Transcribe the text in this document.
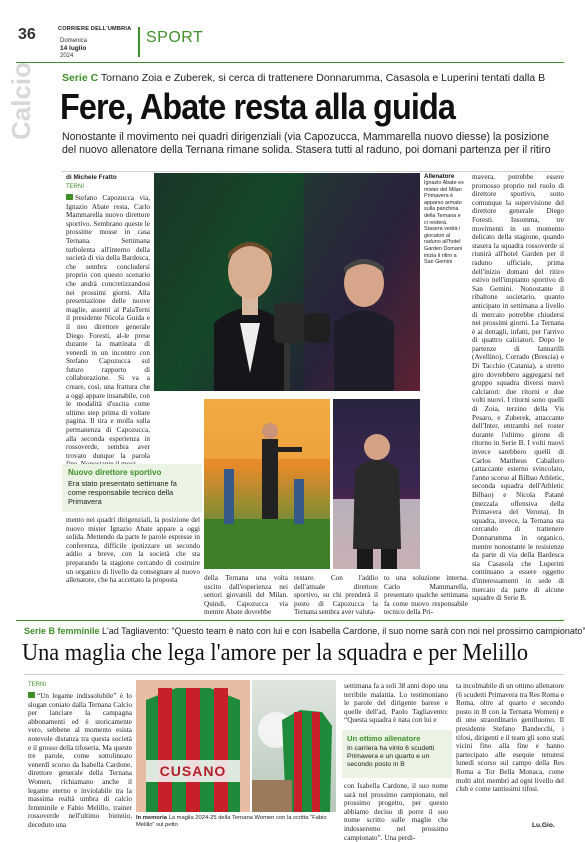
36	CORRIERE DELL'UMBRIA
Domenica
14 luglio
2024
SPORT
Calcio Serie C Tornano Zoia e Zuberek, si cerca di trattenere Donnarumma, Casasola e Luperini tentati dalla B
Fere, Abate resta alla guida
Nonostante il movimento nei quadri dirigenziali (via Capozucca, Mammarella nuovo diesse) la posizione del nuovo allenatore della Ternana rimane solida. Stasera tutti al raduno, poi domani partenza per il ritiro
di Michele Fratto
TERNI
Stefano Capozucca via, Ignazio Abate resta, Carlo Mammarella nuovo direttore sportivo. Sembrano queste le prossime mosse in casa Ternana. Settimana turbolenta all'interno della società di via della Bardesca, che sembra concludersi proprio con questo scenario che andrà concretizzandosi nei prossimi giorni. Alla presentazione delle nuove maglie, assenti al PalaTerni il presidente Nicola Guida e il neo direttore generale Diego Foresti, al-le prese durante la mattinata di venerdì in un incontro con Stefano Capozucca sul futuro rapporto di collaborazione. Si va a creare, così, una frattura che a oggi appare insanabile, con le modalità d'uscita come ultimo step prima di voltare pagina. Il tira e molla sulla permanenza di Capozucca, alla seconda esperienza in rossoverde, sembra aver trovato dunque la parola
Nuovo direttore sportivo
Era stato presentato settimane fa come responsabile tecnico della Primavera
mento nei quadri dirigenziali, la posizione del nuovo mister Ignazio Abate appare a oggi solida. Mettendo da parte le parole espresse in conferenza, difficile ipotizzare un secondo addio a breve, con la società che sta preparando la stagione cercando di costruire un organico di livello da consegnare al nuovo allenatore, che ha accettato la proposta
Allenatore
Ignazio Abate ex mister del Milan Primavera è apparso armato sulla panchina della Ternana e ci resterà. Stasera vedrà i giocatori al raduno all'hotel Garden Domani inizia il ritiro a San Gemini
mavera, potrebbe essere promosso proprio nel ruolo di direttore sportivo, sotto comunque la supervisione del direttore generale Diego Foresti. Insomma, tre movimenti in un momento delicato della stagione, quando stasera la squadra rossoverde si riunirà all'hotel Garden per il raduno ufficiale, prima dell'inizio domani del ritiro estivo nell'impianto sportivo di San Gemini. Nonostante il ribaltone societario, quanto anticipato in settimana a livello di mercato potrebbe chiudersi nei prossimi giorni. La Ternana è ai dettagli, infatti, per l'arrivo di quattro calciatori. Dopo le partenze di Iannarilli (Avellino), Corrado (Brescia) e Di Tacchio (Catania), a stretto giro dovrebbero aggregarsi nel gruppo squadra diversi nuovi calciatori: due ritorni e due volti nuovi. I ritorni sono quelli di Zoia, terzino della Vis Pesaro, e Zuberek, attaccante dell'Inter, entrambi nel roster durante l'ultimo girone di ritorno in Serie B. I volti nuovi invece sarebbero quelli di Carlos Mattheus Caballero (attaccante esterno svincolato, l'anno scorso al Bilbao Athletic, seconda squadra dell'Athletic Bilbao) e Nicola Patanè (mezzala offensiva della Primavera del Verona). In squadra, invece, la Ternana sta cercando di trattenere Donnarumma in organico, mentre nonostante le resistenze da parte di via della Bardesca sia Casasola che Luperini continuano a essere oggetto d'interessamenti in sede di mercato da parte di alcune squadre di Serie B.
della Ternana una volta uscito dall'esperienza nei settori giovanili del Milan. Quindi, Capozucca via mentre Abate dovrebbe
restare. Con l'addio dell'attuale direttore sportivo, su chi prenderà il posto di Capozucca la Ternana sembra aver valuta-
to una soluzione interna. Carlo Mammarella, presentato qualche settimana fa come nuovo responsabile tecnico della Pri-
Serie B femminile L'ad Tagliavento: “Questo team è nato con lui e con Isabella Cardone, il suo nome sarà con noi nel prossimo campionato”
Una maglia che lega l'amore per la squadra e per Melillo
TERNI
“Un legame indissolubile” è lo slogan coniato dalla Ternana Calcio per lanciare la campagna abbonamenti ed è storicamente vero, sebbene al momento esista notevole distanza tra questa società e il grosso della tifoseria. Ma queste tre parole, come sottolineato venerdì scorso da Isabella Cardone, direttore generale della Ternana Women, richiamano anche il legame eterno e inviolabile tra la massima realtà umbra di calcio femminile e Fabio Melillo, trainer rossoverde nell'ultimo biennio, deceduto una
CUSANO
In memoria La maglia 2024-25 della Ternana Women con la scritta “Fabio Melillo” sul petto
settimana fa a soli 38 anni dopo una terribile malattia. Lo testimoniano le parole del dirigente barese e quelle dell'ad, Paolo Tagliavento: “Questa squadra è nata con lui e
Un ottimo allenatore
In carriera ha vinto 6 scudetti Primavera e un quarto e un secondo posto in B
con Isabella Cardone, il suo nome sarà nel prossimo campionato, nel prossimo progetto, per questo abbiamo deciso di porre il suo nome scritto sulle maglie che indosseremo nel prossimo campionato”. Una perdi-
ta incolmabile di un ottimo allenatore (6 scudetti Primavera tra Res Roma e Roma, oltre al quarto e secondo posto in B con la Ternana Women) e di uno straordinario gentiluomo. Il presidente Stefano Bandecchi, i tifosi, dirigenti e il team gli sono stati vicini fino alla fine e hanno partecipato alle esequie tenutesi lunedì scorso sul campo della Res Roma a Tor Bella Monaca, come molti altri membri ad ogni livello del club e come tantissimi tifosi.
Lu.Gio.
